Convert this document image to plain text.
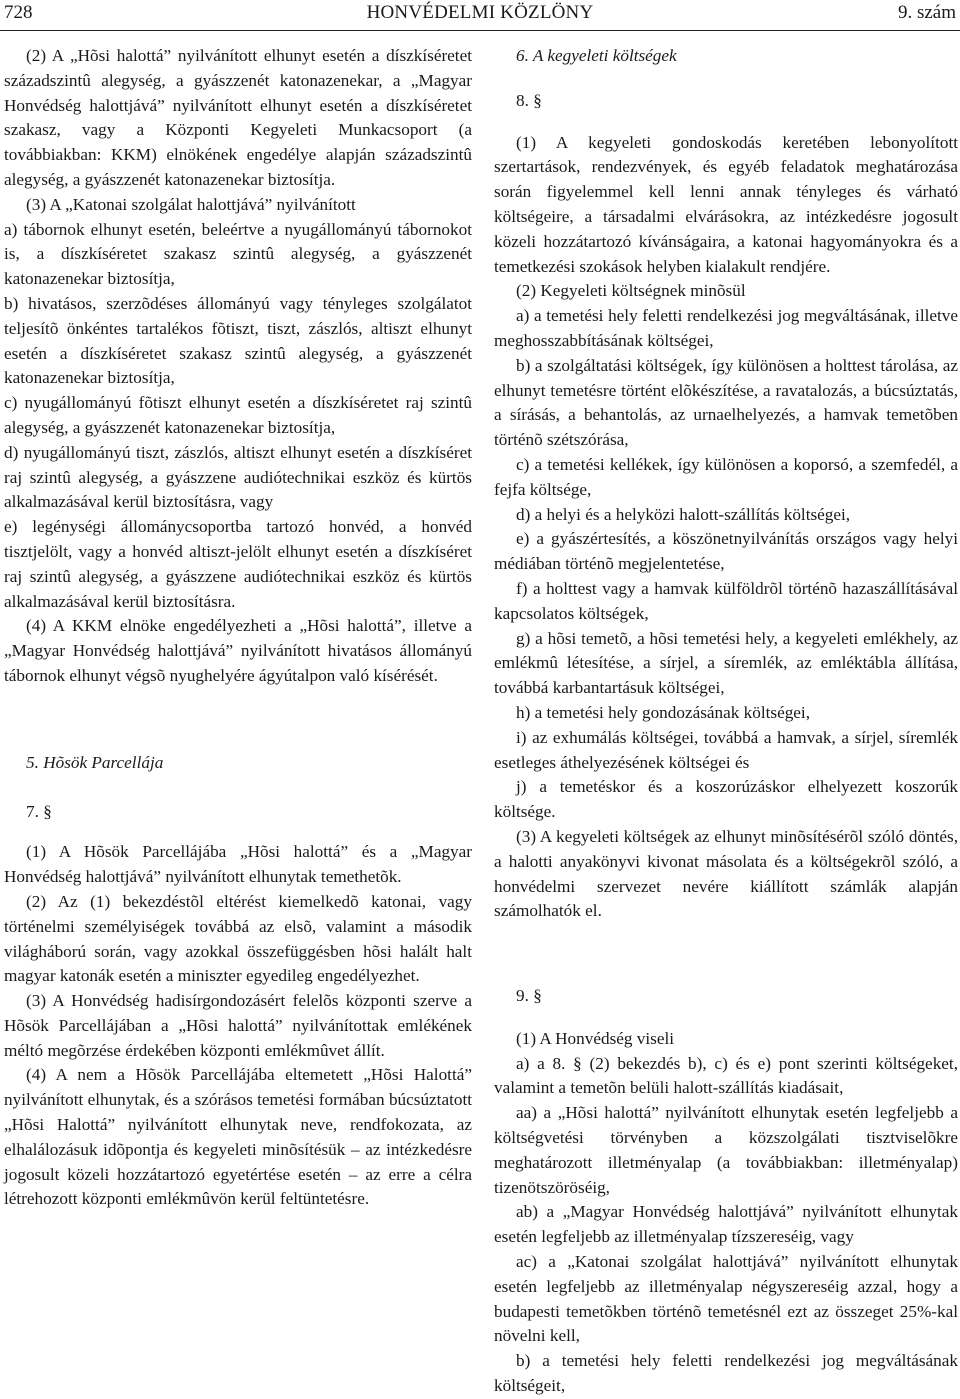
HONVÉDELMI KÖZLÖNY
728	9. szám

(2) A „Hõsi halottá” nyilvánított elhunyt esetén a díszkíséretet századszintû alegység, a gyászzenét katonazenekar, a „Magyar Honvédség halottjává” nyilvánított elhunyt esetén a díszkíséretet szakasz, vagy a Központi Kegyeleti Munkacsoport (a továbbiakban: KKM) elnökének engedélye alapján századszintû alegység, a gyászzenét katonazenekar biztosítja.

(3) A „Katonai szolgálat halottjává” nyilvánított

a) tábornok elhunyt esetén, beleértve a nyugállományú tábornokot is, a díszkíséretet szakasz szintû alegység, a gyászzenét katonazenekar biztosítja,

b) hivatásos, szerzõdéses állományú vagy tényleges szolgálatot teljesítõ önkéntes tartalékos fõtiszt, tiszt, zászlós, altiszt elhunyt esetén a díszkíséretet szakasz szintû alegység, a gyászzenét katonazenekar biztosítja,

c) nyugállományú fõtiszt elhunyt esetén a díszkíséretet raj szintû alegység, a gyászzenét katonazenekar biztosítja,

d) nyugállományú tiszt, zászlós, altiszt elhunyt esetén a díszkíséret raj szintû alegység, a gyászzene audiótechnikai eszköz és kürtös alkalmazásával kerül biztosításra, vagy

e) legénységi állománycsoportba tartozó honvéd, a honvéd tisztjelölt, vagy a honvéd altiszt-jelölt elhunyt esetén a díszkíséret raj szintû alegység, a gyászzene audiótechnikai eszköz és kürtös alkalmazásával kerül biztosításra.

(4) A KKM elnöke engedélyezheti a „Hõsi halottá”, illetve a „Magyar Honvédség halottjává” nyilvánított hivatásos állományú tábornok elhunyt végsõ nyughelyére ágyútalpon való kísérését.

5. Hõsök Parcellája

7. §

(1) A Hõsök Parcellájába „Hõsi halottá” és a „Magyar Honvédség halottjává” nyilvánított elhunytak temethetõk.

(2) Az (1) bekezdéstõl eltérést kiemelkedõ katonai, vagy történelmi személyiségek továbbá az elsõ, valamint a második világháború során, vagy azokkal összefüggésben hõsi halált halt magyar katonák esetén a miniszter egyedileg engedélyezhet.

(3) A Honvédség hadisírgondozásért felelõs központi szerve a Hõsök Parcellájában a „Hõsi halottá” nyilvánítottak emlékének méltó megõrzése érdekében központi emlékmûvet állít.

(4) A nem a Hõsök Parcellájába eltemetett „Hõsi Halottá” nyilvánított elhunytak, és a szórásos temetési formában búcsúztatott „Hõsi Halottá” nyilvánított elhunytak neve, rendfokozata, az elhalálozásuk idõpontja és kegyeleti minõsítésük – az intézkedésre jogosult közeli hozzátartozó egyetértése esetén – az erre a célra létrehozott központi emlékmûvön kerül feltüntetésre.

6. A kegyeleti költségek

8. §

(1) A kegyeleti gondoskodás keretében lebonyolított szertartások, rendezvények, és egyéb feladatok meghatározása során figyelemmel kell lenni annak tényleges és várható költségeire, a társadalmi elvárásokra, az intézkedésre jogosult közeli hozzátartozó kívánságaira, a katonai hagyományokra és a temetkezési szokások helyben kialakult rendjére.

(2) Kegyeleti költségnek minõsül

a) a temetési hely feletti rendelkezési jog megváltásának, illetve meghosszabbításának költségei,

b) a szolgáltatási költségek, így különösen a holttest tárolása, az elhunyt temetésre történt elõkészítése, a ravatalozás, a búcsúztatás, a sírásás, a behantolás, az urnaelhelyezés, a hamvak temetõben történõ szétszórása,

c) a temetési kellékek, így különösen a koporsó, a szemfedél, a fejfa költsége,

d) a helyi és a helyközi halott-szállítás költségei,

e) a gyászértesítés, a köszönetnyilvánítás országos vagy helyi médiában történõ megjelentetése,

f) a holttest vagy a hamvak külföldrõl történõ hazaszállításával kapcsolatos költségek,

g) a hõsi temetõ, a hõsi temetési hely, a kegyeleti emlékhely, az emlékmû létesítése, a sírjel, a síremlék, az emléktábla állítása, továbbá karbantartásuk költségei,

h) a temetési hely gondozásának költségei,

i) az exhumálás költségei, továbbá a hamvak, a sírjel, síremlék esetleges áthelyezésének költségei és

j) a temetéskor és a koszorúzáskor elhelyezett koszorúk költsége.

(3) A kegyeleti költségek az elhunyt minõsítésérõl szóló döntés, a halotti anyakönyvi kivonat másolata és a költségekrõl szóló, a honvédelmi szervezet nevére kiállított számlák alapján számolhatók el.

9. §

(1) A Honvédség viseli

a) a 8. § (2) bekezdés b), c) és e) pont szerinti költségeket, valamint a temetõn belüli halott-szállítás kiadásait,

aa) a „Hõsi halottá” nyilvánított elhunytak esetén legfeljebb a költségvetési törvényben a közszolgálati tisztviselõkre meghatározott illetményalap (a továbbiakban: illetményalap) tizenötszöröséig,

ab) a „Magyar Honvédség halottjává” nyilvánított elhunytak esetén legfeljebb az illetményalap tízszereséig, vagy

ac) a „Katonai szolgálat halottjává” nyilvánított elhunytak esetén legfeljebb az illetményalap négyszereséig azzal, hogy a budapesti temetõkben történõ temetésnél ezt az összeget 25%-kal növelni kell,

b) a temetési hely feletti rendelkezési jog megváltásának költségeit,
